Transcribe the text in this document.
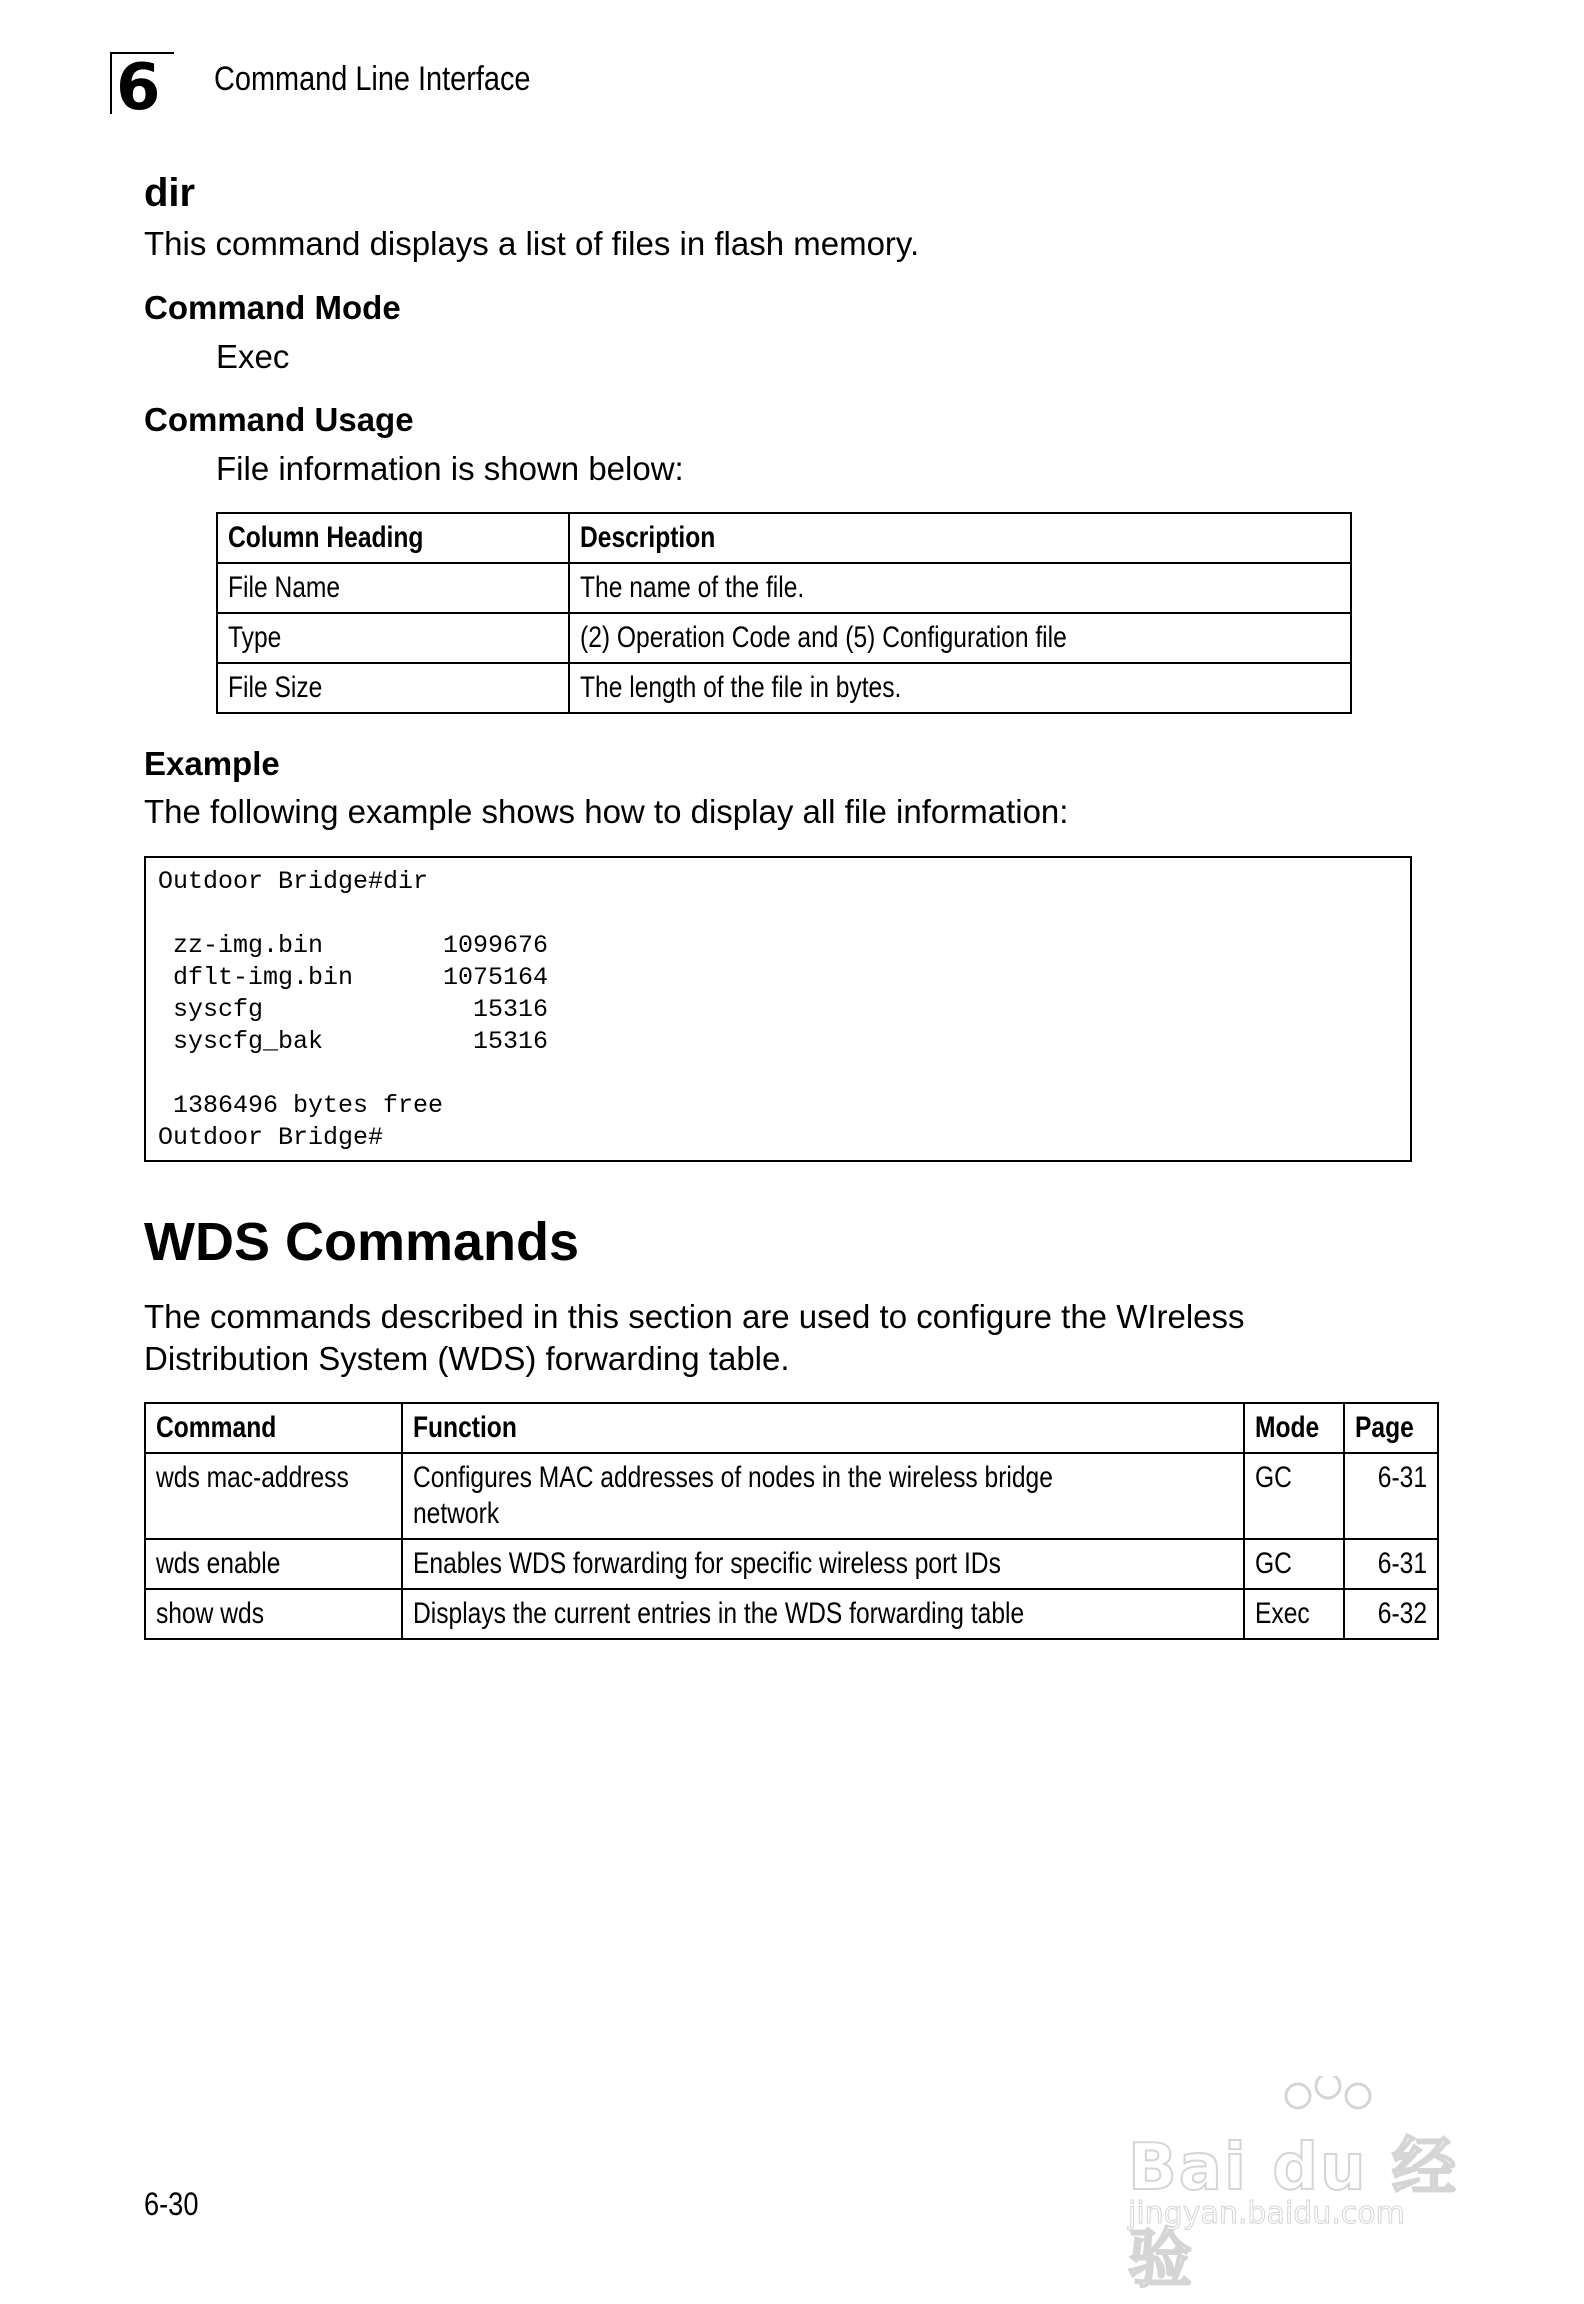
6 Command Line Interface
dir

This command displays a list of files in flash memory.

Command Mode

Exec

Command Usage

File information is shown below:

Column Heading	Description
File Name	The name of the file.
Type	(2) Operation Code and (5) Configuration file
File Size	The length of the file in bytes.
Example

The following example shows how to display all file information:

Outdoor Bridge#dir
zz-img.bin        1099676
dflt-img.bin      1075164
syscfg              15316
syscfg_bak          15316
1386496 bytes free
Outdoor Bridge#
WDS Commands

The commands described in this section are used to configure the WIreless Distribution System (WDS) forwarding table.

Command	Function	Mode	Page
wds mac-address	Configures MAC addresses of nodes in the wireless bridge network	GC	6-31
wds enable	Enables WDS forwarding for specific wireless port IDs	GC	6-31
show wds	Displays the current entries in the WDS forwarding table	Exec	6-32
6-30	Bai du 经验
jingyan.baidu.com
